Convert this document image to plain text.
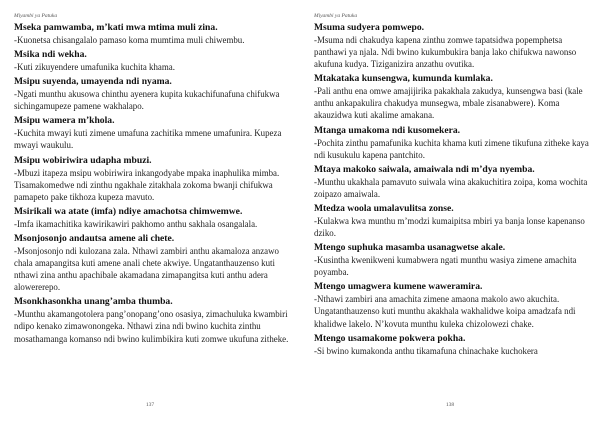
Miyambi ya Patuka
Mseka pamwamba, m’kati mwa mtima muli zina.
-Kuonetsa chisangalalo pamaso koma mumtima muli chiwembu.
Msika ndi wekha.
-Kuti zikuyendere umafunika kuchita khama.
Msipu suyenda, umayenda ndi nyama.
-Ngati munthu akusowa chinthu ayenera kupita kukachifunafuna chifukwa sichingamupeze pamene wakhalapo.
Msipu wamera m’khola.
-Kuchita mwayi kuti zimene umafuna zachitika mmene umafunira. Kupeza mwayi waukulu.
Msipu wobiriwira udapha mbuzi.
-Mbuzi itapeza msipu wobiriwira inkangodyabe mpaka inaphulika mimba. Tisamakomedwe ndi zinthu ngakhale zitakhala zokoma bwanji chifukwa pamapeto pake tikhoza kupeza mavuto.
Msirikali wa atate (imfa) ndiye amachotsa chimwemwe.
-Imfa ikamachitika kawirikawiri pakhomo anthu sakhala osangalala.
Msonjosonjo andautsa amene ali chete.
-Msonjosonjo ndi kulozana zala. Nthawi zambiri anthu akamaloza anzawo chala amapangitsa kuti amene anali chete akwiye. Ungatanthauzenso kuti nthawi zina anthu apachibale akamadana zimapangitsa kuti anthu adera alowererepo.
Msonkhasonkha unang’amba thumba.
-Munthu akamangotolera pang’onopang’ono osasiya, zimachuluka kwambiri ndipo kenako zimawonongeka. Nthawi zina ndi bwino kuchita zinthu mosathamanga komanso ndi bwino kulimbikira kuti zomwe ukufuna zitheke.
137
Miyambi ya Patuka
Msuma sudyera pomwepo.
-Msuma ndi chakudya kapena zinthu zomwe tapatsidwa popemphetsa panthawi ya njala. Ndi bwino kukumbukira banja lako chifukwa nawonso akufuna kudya. Tiziganizira anzathu ovutika.
Mtakataka kunsengwa, kumunda kumlaka.
-Pali anthu ena omwe amajijirika pakakhala zakudya, kunsengwa basi (kale anthu ankapakulira chakudya munsegwa, mbale zisanabwere). Koma akauzidwa kuti akalime amakana.
Mtanga umakoma ndi kusomekera.
-Pochita zinthu pamafunika kuchita khama kuti zimene tikufuna zitheke kaya ndi kusukulu kapena pantchito.
Mtaya makoko saiwala, amaiwala ndi m’dya nyemba.
-Munthu ukakhala pamavuto suiwala wina akakuchitira zoipa, koma wochita zoipazo amaiwala.
Mtedza woola umalavulitsa zonse.
-Kulakwa kwa munthu m’modzi kumaipitsa mbiri ya banja lonse kapenanso dziko.
Mtengo suphuka masamba usanagwetse akale.
-Kusintha kwenikweni kumabwera ngati munthu wasiya zimene amachita poyamba.
Mtengo umagwera kumene waweramira.
-Nthawi zambiri ana amachita zimene amaona makolo awo akuchita. Ungatanthauzenso kuti munthu akakhala wakhalidwe koipa amadzafa ndi khalidwe lakelo. N’kovuta munthu kuleka chizolowezi chake.
Mtengo usamakome pokwera pokha.
-Si bwino kumakonda anthu tikamafuna chinachake kuchokera
138
